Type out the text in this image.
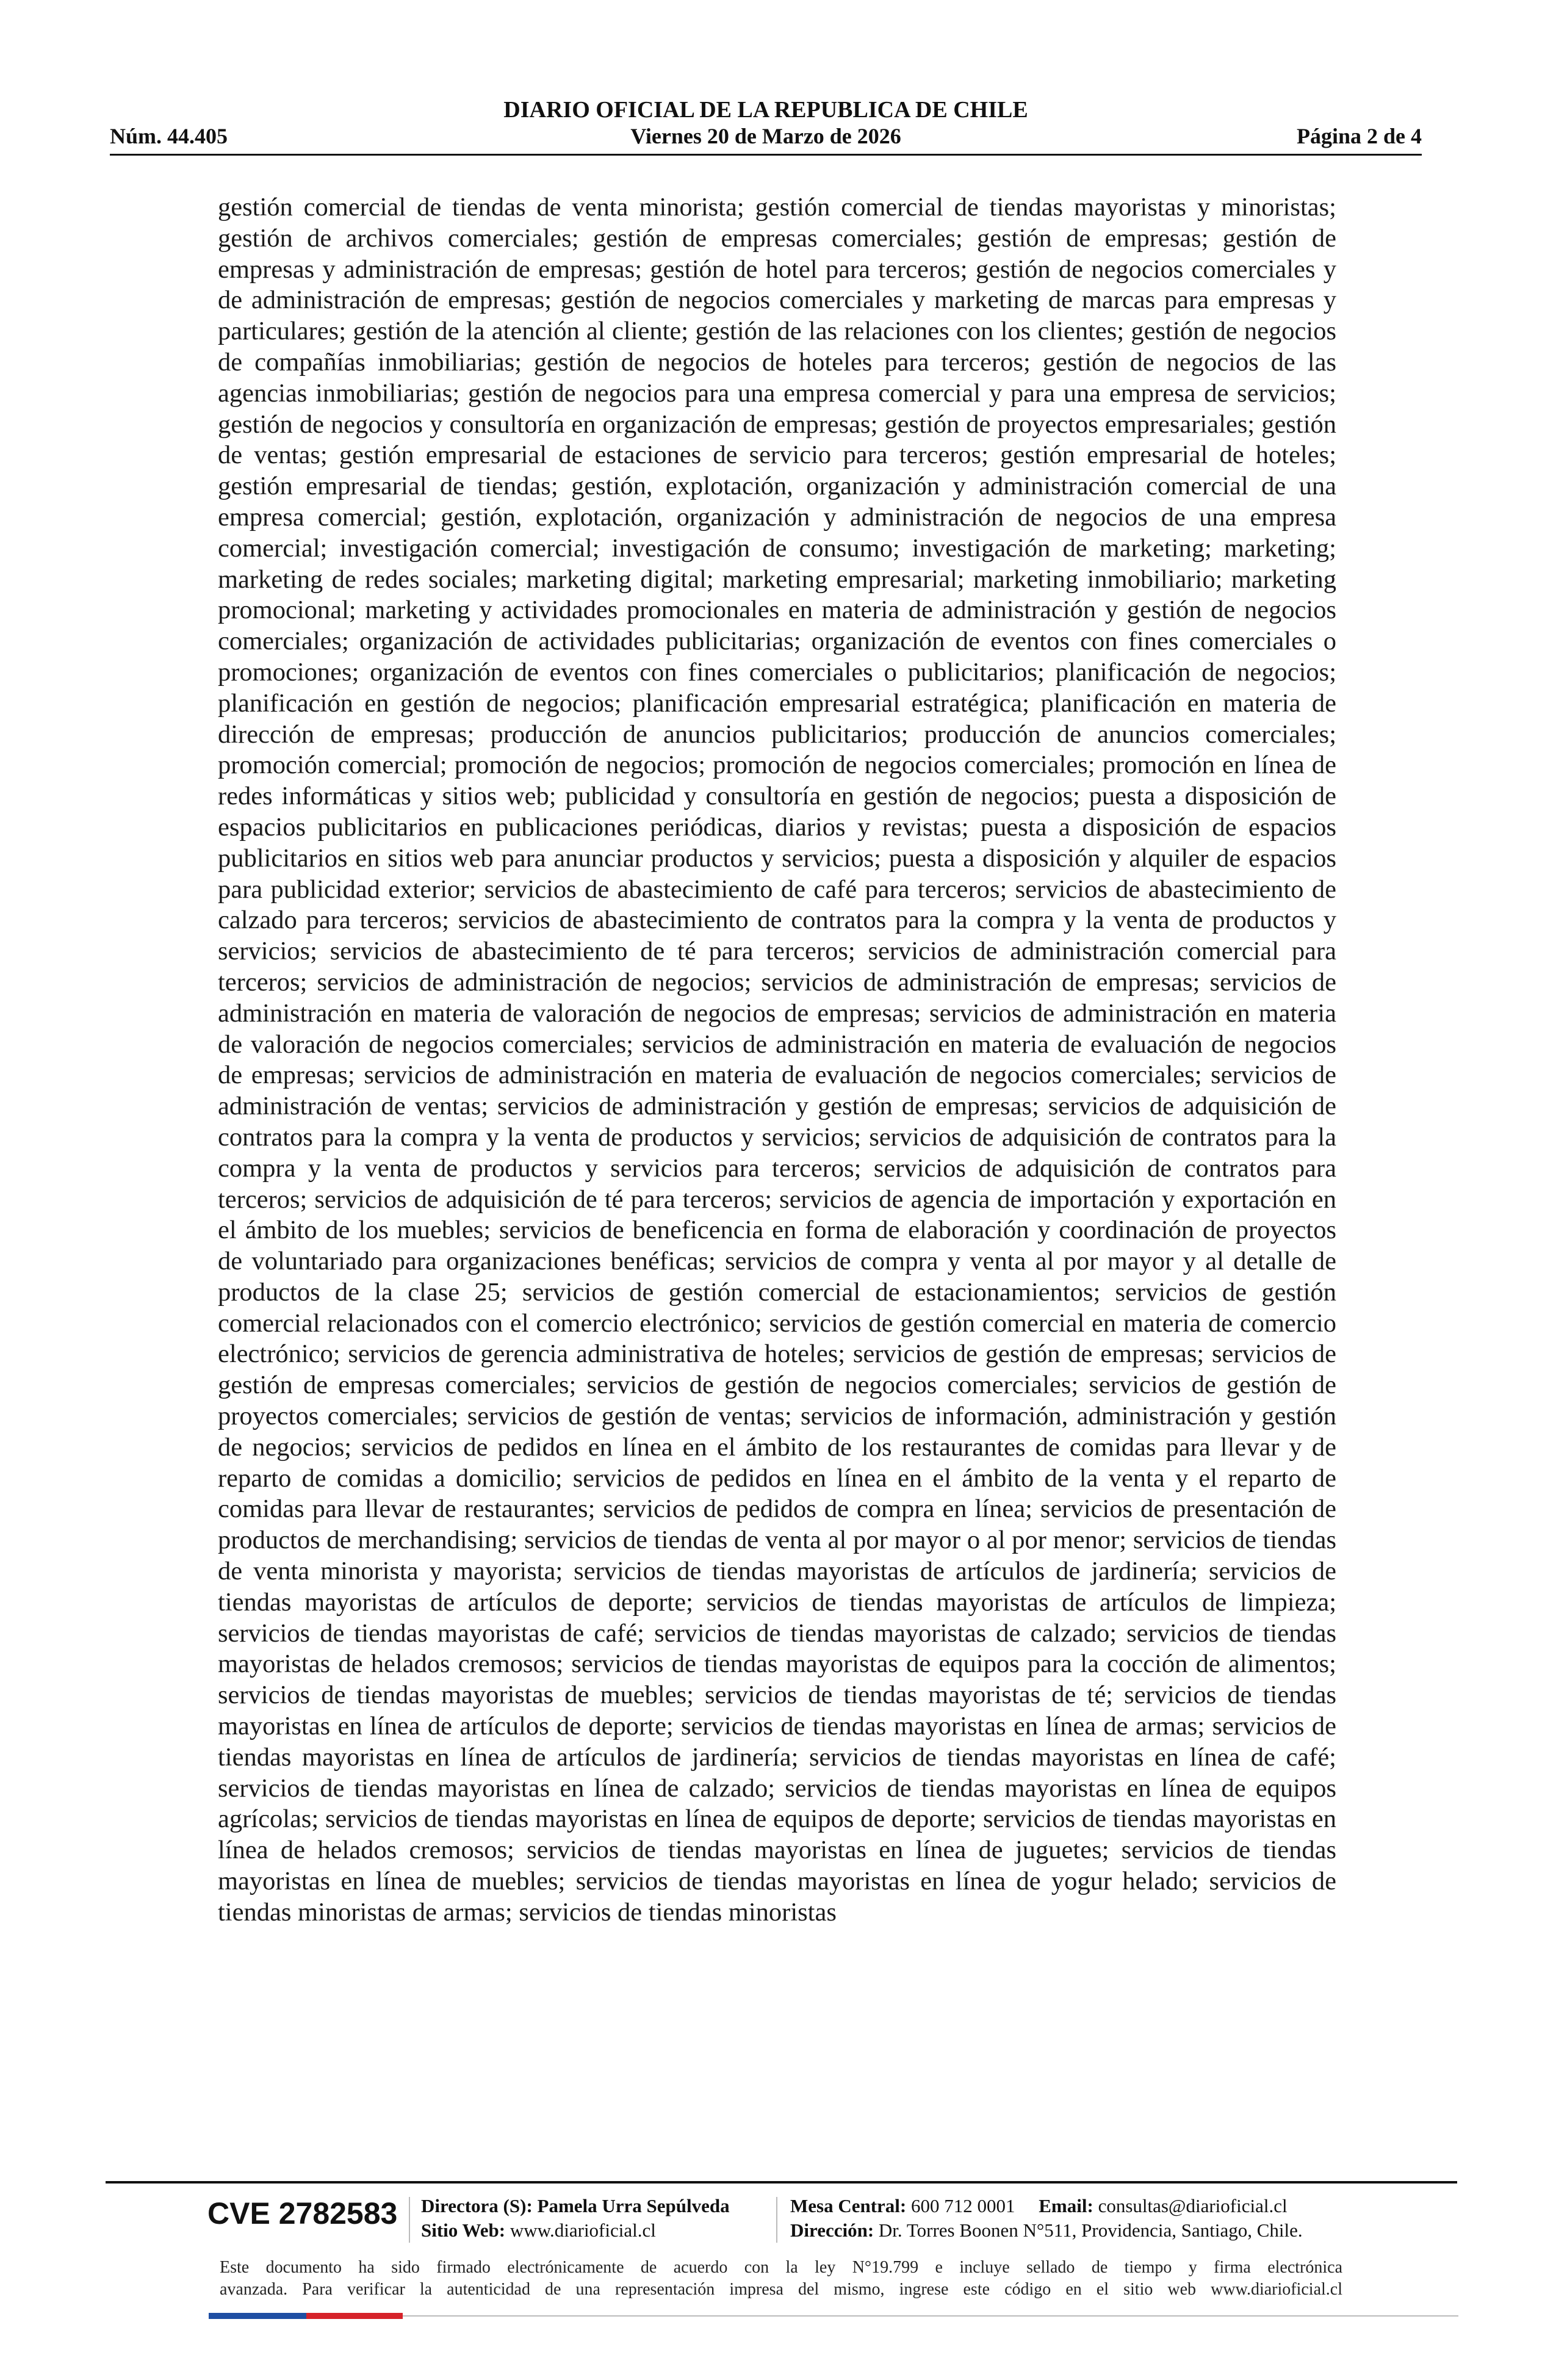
DIARIO OFICIAL DE LA REPUBLICA DE CHILE
Núm. 44.405	Viernes 20 de Marzo de 2026	Página 2 de 4
gestión comercial de tiendas de venta minorista; gestión comercial de tiendas mayoristas y minoristas; gestión de archivos comerciales; gestión de empresas comerciales; gestión de empresas; gestión de empresas y administración de empresas; gestión de hotel para terceros; gestión de negocios comerciales y de administración de empresas; gestión de negocios comerciales y marketing de marcas para empresas y particulares; gestión de la atención al cliente; gestión de las relaciones con los clientes; gestión de negocios de compañías inmobiliarias; gestión de negocios de hoteles para terceros; gestión de negocios de las agencias inmobiliarias; gestión de negocios para una empresa comercial y para una empresa de servicios; gestión de negocios y consultoría en organización de empresas; gestión de proyectos empresariales; gestión de ventas; gestión empresarial de estaciones de servicio para terceros; gestión empresarial de hoteles; gestión empresarial de tiendas; gestión, explotación, organización y administración comercial de una empresa comercial; gestión, explotación, organización y administración de negocios de una empresa comercial; investigación comercial; investigación de consumo; investigación de marketing; marketing; marketing de redes sociales; marketing digital; marketing empresarial; marketing inmobiliario; marketing promocional; marketing y actividades promocionales en materia de administración y gestión de negocios comerciales; organización de actividades publicitarias; organización de eventos con fines comerciales o promociones; organización de eventos con fines comerciales o publicitarios; planificación de negocios; planificación en gestión de negocios; planificación empresarial estratégica; planificación en materia de dirección de empresas; producción de anuncios publicitarios; producción de anuncios comerciales; promoción comercial; promoción de negocios; promoción de negocios comerciales; promoción en línea de redes informáticas y sitios web; publicidad y consultoría en gestión de negocios; puesta a disposición de espacios publicitarios en publicaciones periódicas, diarios y revistas; puesta a disposición de espacios publicitarios en sitios web para anunciar productos y servicios; puesta a disposición y alquiler de espacios para publicidad exterior; servicios de abastecimiento de café para terceros; servicios de abastecimiento de calzado para terceros; servicios de abastecimiento de contratos para la compra y la venta de productos y servicios; servicios de abastecimiento de té para terceros; servicios de administración comercial para terceros; servicios de administración de negocios; servicios de administración de empresas; servicios de administración en materia de valoración de negocios de empresas; servicios de administración en materia de valoración de negocios comerciales; servicios de administración en materia de evaluación de negocios de empresas; servicios de administración en materia de evaluación de negocios comerciales; servicios de administración de ventas; servicios de administración y gestión de empresas; servicios de adquisición de contratos para la compra y la venta de productos y servicios; servicios de adquisición de contratos para la compra y la venta de productos y servicios para terceros; servicios de adquisición de contratos para terceros; servicios de adquisición de té para terceros; servicios de agencia de importación y exportación en el ámbito de los muebles; servicios de beneficencia en forma de elaboración y coordinación de proyectos de voluntariado para organizaciones benéficas; servicios de compra y venta al por mayor y al detalle de productos de la clase 25; servicios de gestión comercial de estacionamientos; servicios de gestión comercial relacionados con el comercio electrónico; servicios de gestión comercial en materia de comercio electrónico; servicios de gerencia administrativa de hoteles; servicios de gestión de empresas; servicios de gestión de empresas comerciales; servicios de gestión de negocios comerciales; servicios de gestión de proyectos comerciales; servicios de gestión de ventas; servicios de información, administración y gestión de negocios; servicios de pedidos en línea en el ámbito de los restaurantes de comidas para llevar y de reparto de comidas a domicilio; servicios de pedidos en línea en el ámbito de la venta y el reparto de comidas para llevar de restaurantes; servicios de pedidos de compra en línea; servicios de presentación de productos de merchandising; servicios de tiendas de venta al por mayor o al por menor; servicios de tiendas de venta minorista y mayorista; servicios de tiendas mayoristas de artículos de jardinería; servicios de tiendas mayoristas de artículos de deporte; servicios de tiendas mayoristas de artículos de limpieza; servicios de tiendas mayoristas de café; servicios de tiendas mayoristas de calzado; servicios de tiendas mayoristas de helados cremosos; servicios de tiendas mayoristas de equipos para la cocción de alimentos; servicios de tiendas mayoristas de muebles; servicios de tiendas mayoristas de té; servicios de tiendas mayoristas en línea de artículos de deporte; servicios de tiendas mayoristas en línea de armas; servicios de tiendas mayoristas en línea de artículos de jardinería; servicios de tiendas mayoristas en línea de café; servicios de tiendas mayoristas en línea de calzado; servicios de tiendas mayoristas en línea de equipos agrícolas; servicios de tiendas mayoristas en línea de equipos de deporte; servicios de tiendas mayoristas en línea de helados cremosos; servicios de tiendas mayoristas en línea de juguetes; servicios de tiendas mayoristas en línea de muebles; servicios de tiendas mayoristas en línea de yogur helado; servicios de tiendas minoristas de armas; servicios de tiendas minoristas
CVE 2782583 Directora (S): Pamela Urra Sepúlveda
Sitio Web: www.diarioficial.cl
Mesa Central: 600 712 0001 Email: consultas@diarioficial.cl
Dirección: Dr. Torres Boonen N°511, Providencia, Santiago, Chile.
Este documento ha sido firmado electrónicamente de acuerdo con la ley N°19.799 e incluye sellado de tiempo y firma electrónica
avanzada. Para verificar la autenticidad de una representación impresa del mismo, ingrese este código en el sitio web www.diarioficial.cl
